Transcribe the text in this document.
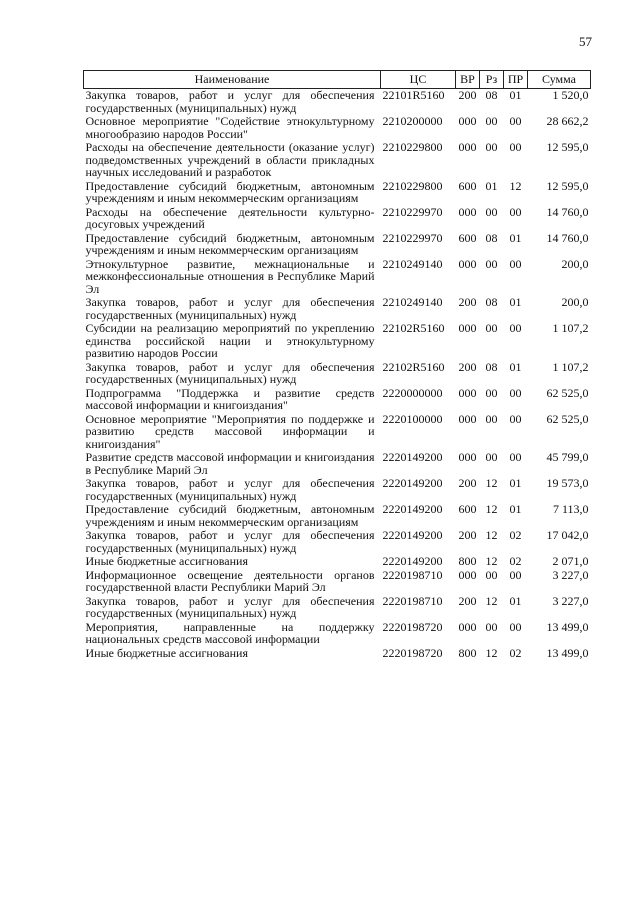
57
Наименование	ЦС	ВР	Рз	ПР	Сумма
Закупка товаров, работ и услуг для обеспечения государственных (муниципальных) нужд	22101R5160	200	08	01	1 520,0
Основное мероприятие "Содействие этнокультурному многообразию народов России"	2210200000	000	00	00	28 662,2
Расходы на обеспечение деятельности (оказание услуг) подведомственных учреждений в области прикладных научных исследований и разработок	2210229800	000	00	00	12 595,0
Предоставление субсидий бюджетным, автономным учреждениям и иным некоммерческим организациям	2210229800	600	01	12	12 595,0
Расходы на обеспечение деятельности культурно-досуговых учреждений	2210229970	000	00	00	14 760,0
Предоставление субсидий бюджетным, автономным учреждениям и иным некоммерческим организациям	2210229970	600	08	01	14 760,0
Этнокультурное развитие, межнациональные и межконфессиональные отношения в Республике Марий Эл	2210249140	000	00	00	200,0
Закупка товаров, работ и услуг для обеспечения государственных (муниципальных) нужд	2210249140	200	08	01	200,0
Субсидии на реализацию мероприятий по укреплению единства российской нации и этнокультурному развитию народов России	22102R5160	000	00	00	1 107,2
Закупка товаров, работ и услуг для обеспечения государственных (муниципальных) нужд	22102R5160	200	08	01	1 107,2
Подпрограмма "Поддержка и развитие средств массовой информации и книгоиздания"	2220000000	000	00	00	62 525,0
Основное мероприятие "Мероприятия по поддержке и развитию средств массовой информации и книгоиздания"	2220100000	000	00	00	62 525,0
Развитие средств массовой информации и книгоиздания в Республике Марий Эл	2220149200	000	00	00	45 799,0
Закупка товаров, работ и услуг для обеспечения государственных (муниципальных) нужд	2220149200	200	12	01	19 573,0
Предоставление субсидий бюджетным, автономным учреждениям и иным некоммерческим организациям	2220149200	600	12	01	7 113,0
Закупка товаров, работ и услуг для обеспечения государственных (муниципальных) нужд	2220149200	200	12	02	17 042,0
Иные бюджетные ассигнования	2220149200	800	12	02	2 071,0
Информационное освещение деятельности органов государственной власти Республики Марий Эл	2220198710	000	00	00	3 227,0
Закупка товаров, работ и услуг для обеспечения государственных (муниципальных) нужд	2220198710	200	12	01	3 227,0
Мероприятия, направленные на поддержку национальных средств массовой информации	2220198720	000	00	00	13 499,0
Иные бюджетные ассигнования	2220198720	800	12	02	13 499,0
